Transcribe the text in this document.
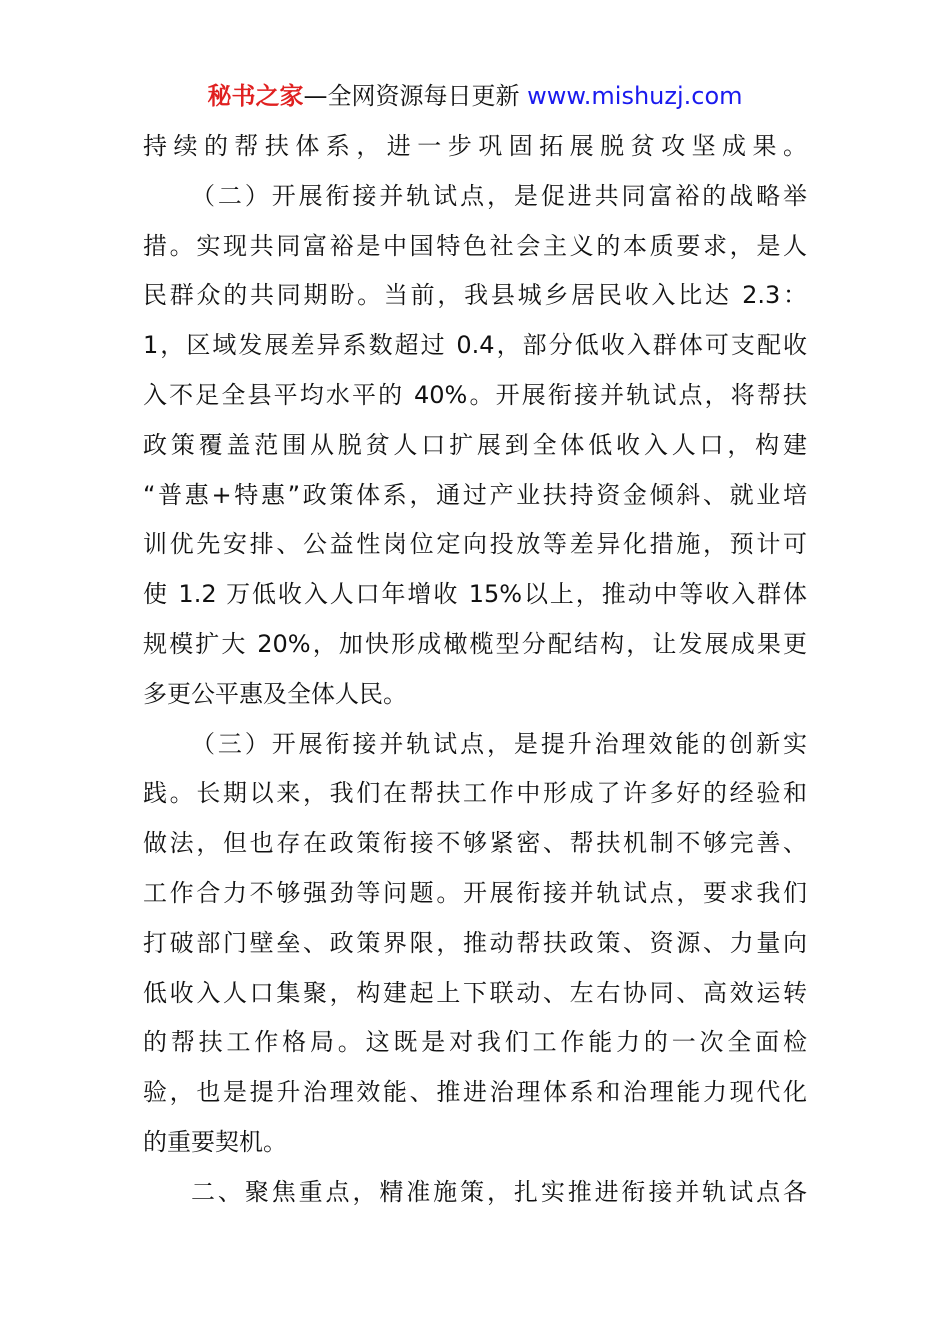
秘书之家—全网资源每日更新 www.mishuzj.com
持续的帮扶体系，进一步巩固拓展脱贫攻坚成果。
（二）开展衔接并轨试点，是促进共同富裕的战略举
措。实现共同富裕是中国特色社会主义的本质要求，是人
民群众的共同期盼。当前，我县城乡居民收入比达 2.3：
1，区域发展差异系数超过 0.4，部分低收入群体可支配收
入不足全县平均水平的 40%。开展衔接并轨试点，将帮扶
政策覆盖范围从脱贫人口扩展到全体低收入人口，构建
“普惠+特惠”政策体系，通过产业扶持资金倾斜、就业培
训优先安排、公益性岗位定向投放等差异化措施，预计可
使 1.2 万低收入人口年增收 15%以上，推动中等收入群体
规模扩大 20%，加快形成橄榄型分配结构，让发展成果更
多更公平惠及全体人民。
（三）开展衔接并轨试点，是提升治理效能的创新实
践。长期以来，我们在帮扶工作中形成了许多好的经验和
做法，但也存在政策衔接不够紧密、帮扶机制不够完善、
工作合力不够强劲等问题。开展衔接并轨试点，要求我们
打破部门壁垒、政策界限，推动帮扶政策、资源、力量向
低收入人口集聚，构建起上下联动、左右协同、高效运转
的帮扶工作格局。这既是对我们工作能力的一次全面检
验，也是提升治理效能、推进治理体系和治理能力现代化
的重要契机。
二、聚焦重点，精准施策，扎实推进衔接并轨试点各
